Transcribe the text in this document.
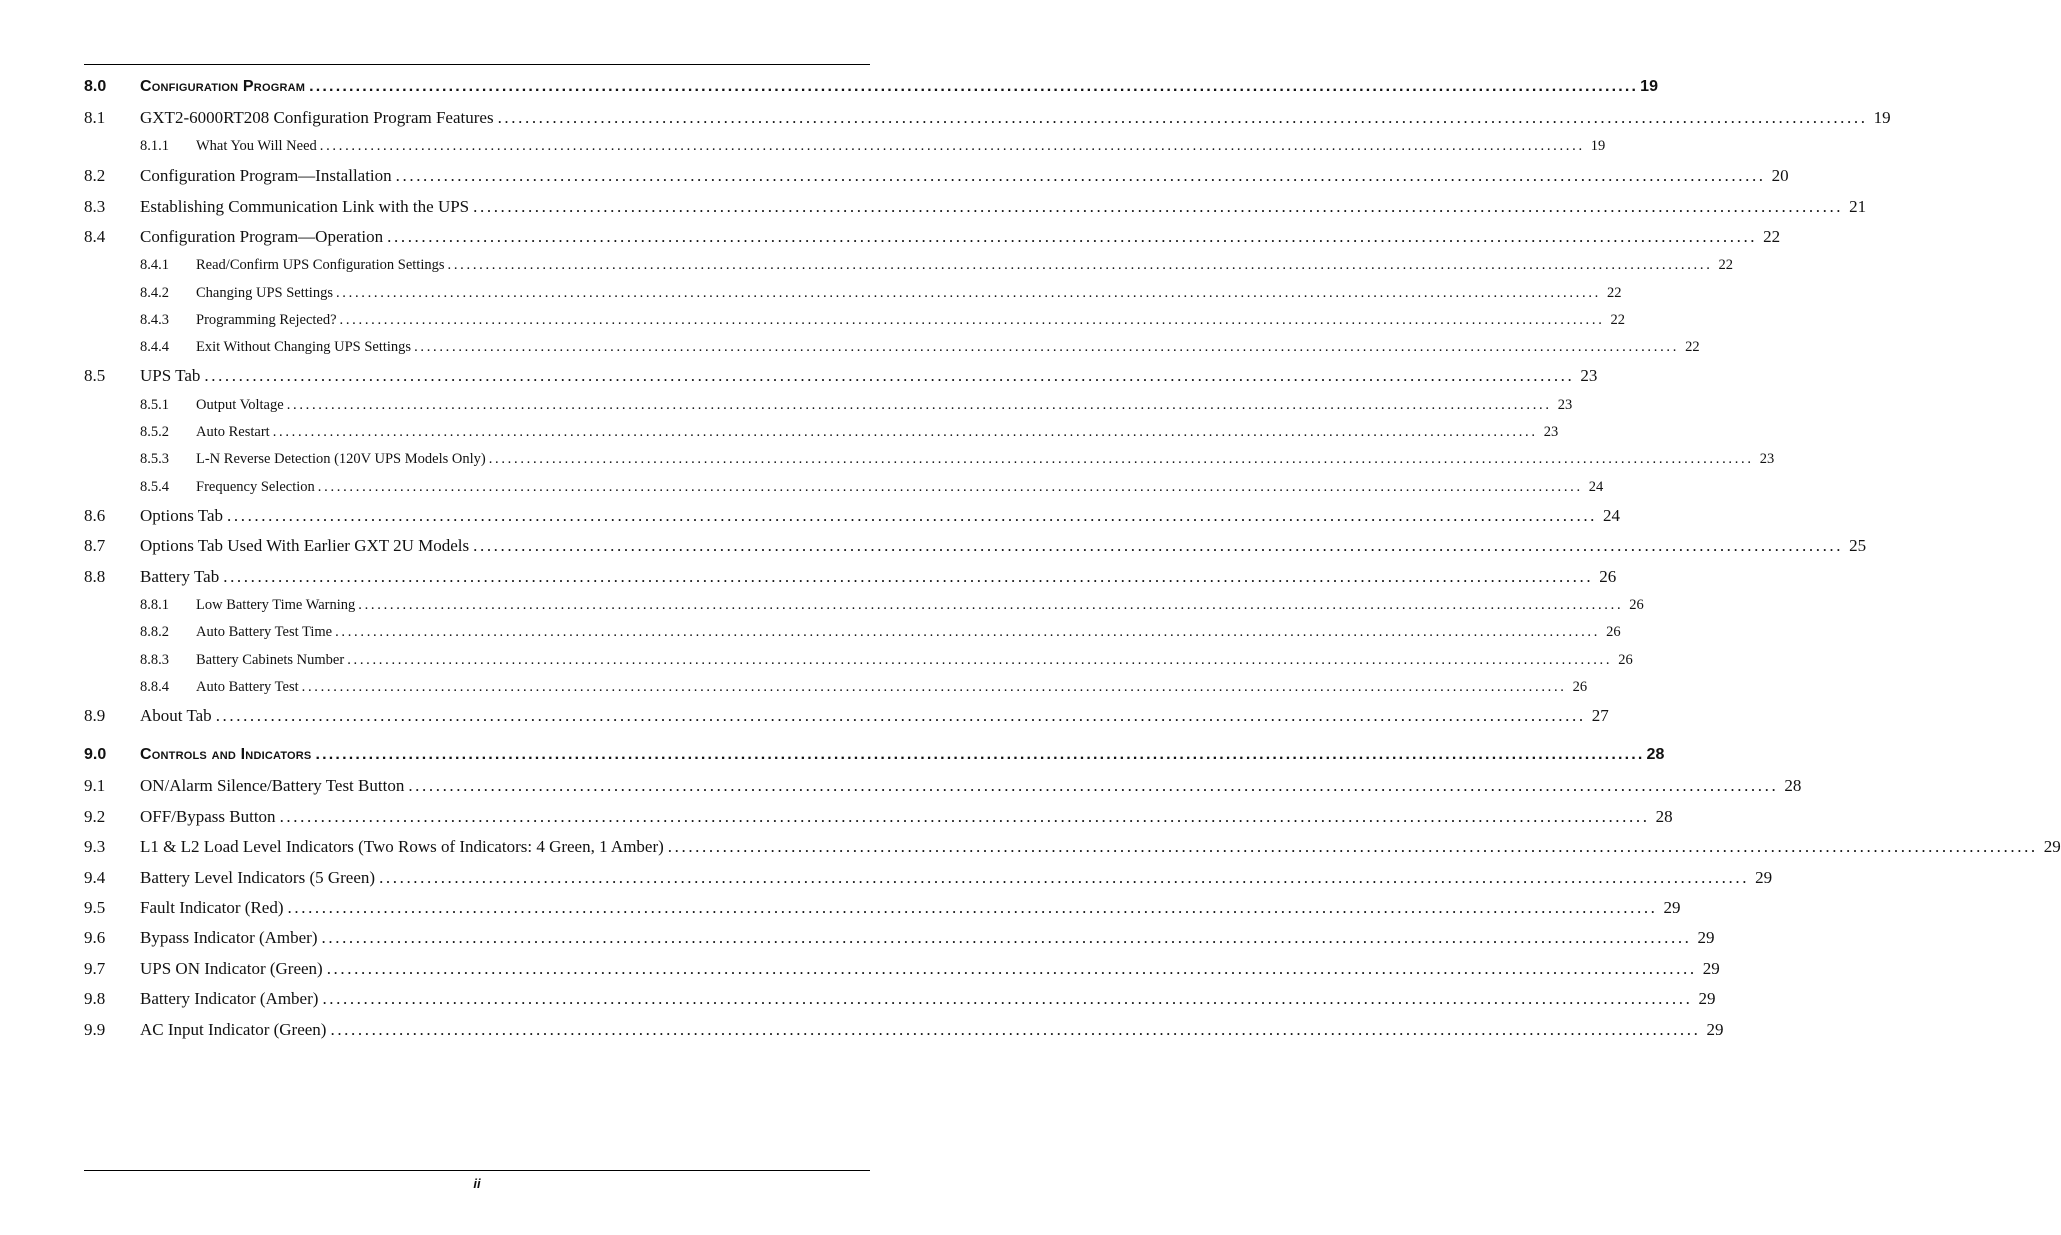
8.0	Configuration Program ........................................................................................................................................................................................................ 19
8.1	GXT2-6000RT208 Configuration Program Features ........................................................................................................................................................................................................ 19
8.1.1	What You Will Need ........................................................................................................................................................................................................ 19
8.2	Configuration Program—Installation ........................................................................................................................................................................................................ 20
8.3	Establishing Communication Link with the UPS ........................................................................................................................................................................................................ 21
8.4	Configuration Program—Operation ........................................................................................................................................................................................................ 22
8.4.1	Read/Confirm UPS Configuration Settings ........................................................................................................................................................................................................ 22
8.4.2	Changing UPS Settings ........................................................................................................................................................................................................ 22
8.4.3	Programming Rejected? ........................................................................................................................................................................................................ 22
8.4.4	Exit Without Changing UPS Settings ........................................................................................................................................................................................................ 22
8.5	UPS Tab ........................................................................................................................................................................................................ 23
8.5.1	Output Voltage ........................................................................................................................................................................................................ 23
8.5.2	Auto Restart ........................................................................................................................................................................................................ 23
8.5.3	L-N Reverse Detection (120V UPS Models Only) ........................................................................................................................................................................................................ 23
8.5.4	Frequency Selection ........................................................................................................................................................................................................ 24
8.6	Options Tab ........................................................................................................................................................................................................ 24
8.7	Options Tab Used With Earlier GXT 2U Models ........................................................................................................................................................................................................ 25
8.8	Battery Tab ........................................................................................................................................................................................................ 26
8.8.1	Low Battery Time Warning ........................................................................................................................................................................................................ 26
8.8.2	Auto Battery Test Time ........................................................................................................................................................................................................ 26
8.8.3	Battery Cabinets Number ........................................................................................................................................................................................................ 26
8.8.4	Auto Battery Test ........................................................................................................................................................................................................ 26
8.9	About Tab ........................................................................................................................................................................................................ 27
9.0	Controls and Indicators ........................................................................................................................................................................................................ 28
9.1	ON/Alarm Silence/Battery Test Button ........................................................................................................................................................................................................ 28
9.2	OFF/Bypass Button ........................................................................................................................................................................................................ 28
9.3	L1 & L2 Load Level Indicators (Two Rows of Indicators: 4 Green, 1 Amber) ........................................................................................................................................................................................................ 29
9.4	Battery Level Indicators (5 Green) ........................................................................................................................................................................................................ 29
9.5	Fault Indicator (Red) ........................................................................................................................................................................................................ 29
9.6	Bypass Indicator (Amber) ........................................................................................................................................................................................................ 29
9.7	UPS ON Indicator (Green) ........................................................................................................................................................................................................ 29
9.8	Battery Indicator (Amber) ........................................................................................................................................................................................................ 29
9.9	AC Input Indicator (Green) ........................................................................................................................................................................................................ 29
ii
